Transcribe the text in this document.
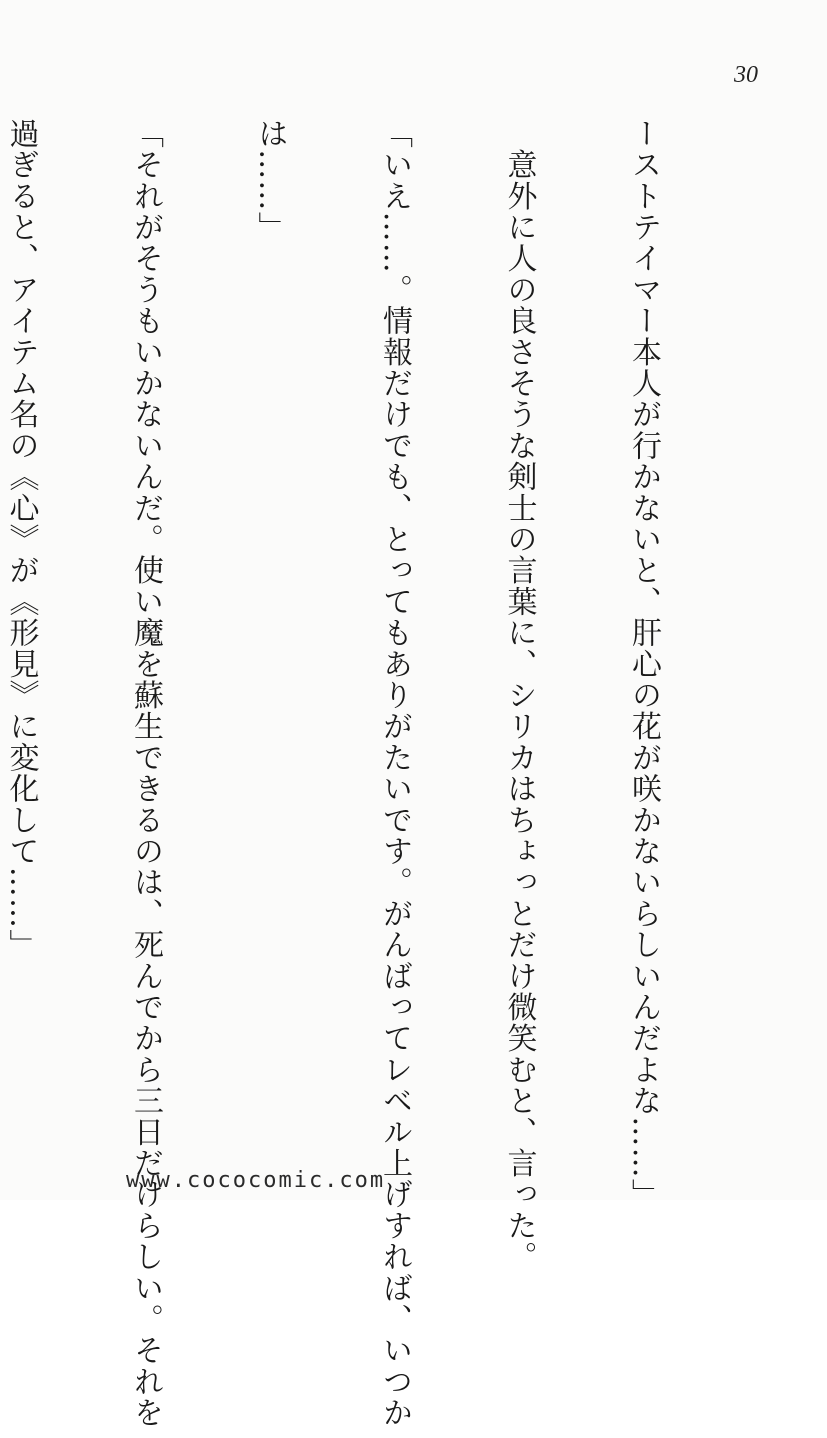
30

ーストテイマー本人が行かないと、肝心の花が咲かないらしいんだよな……」

　意外に人の良さそうな剣士の言葉に、シリカはちょっとだけ微笑むと、言った。

「いえ……。情報だけでも、とってもありがたいです。がんばってレベル上げすれば、いつか

は……」

「それがそうもいかないんだ。使い魔を蘇生できるのは、死んでから三日だけらしい。それを

過ぎると、アイテム名の《心》が《形見》に変化して……」

www.cococomic.com
